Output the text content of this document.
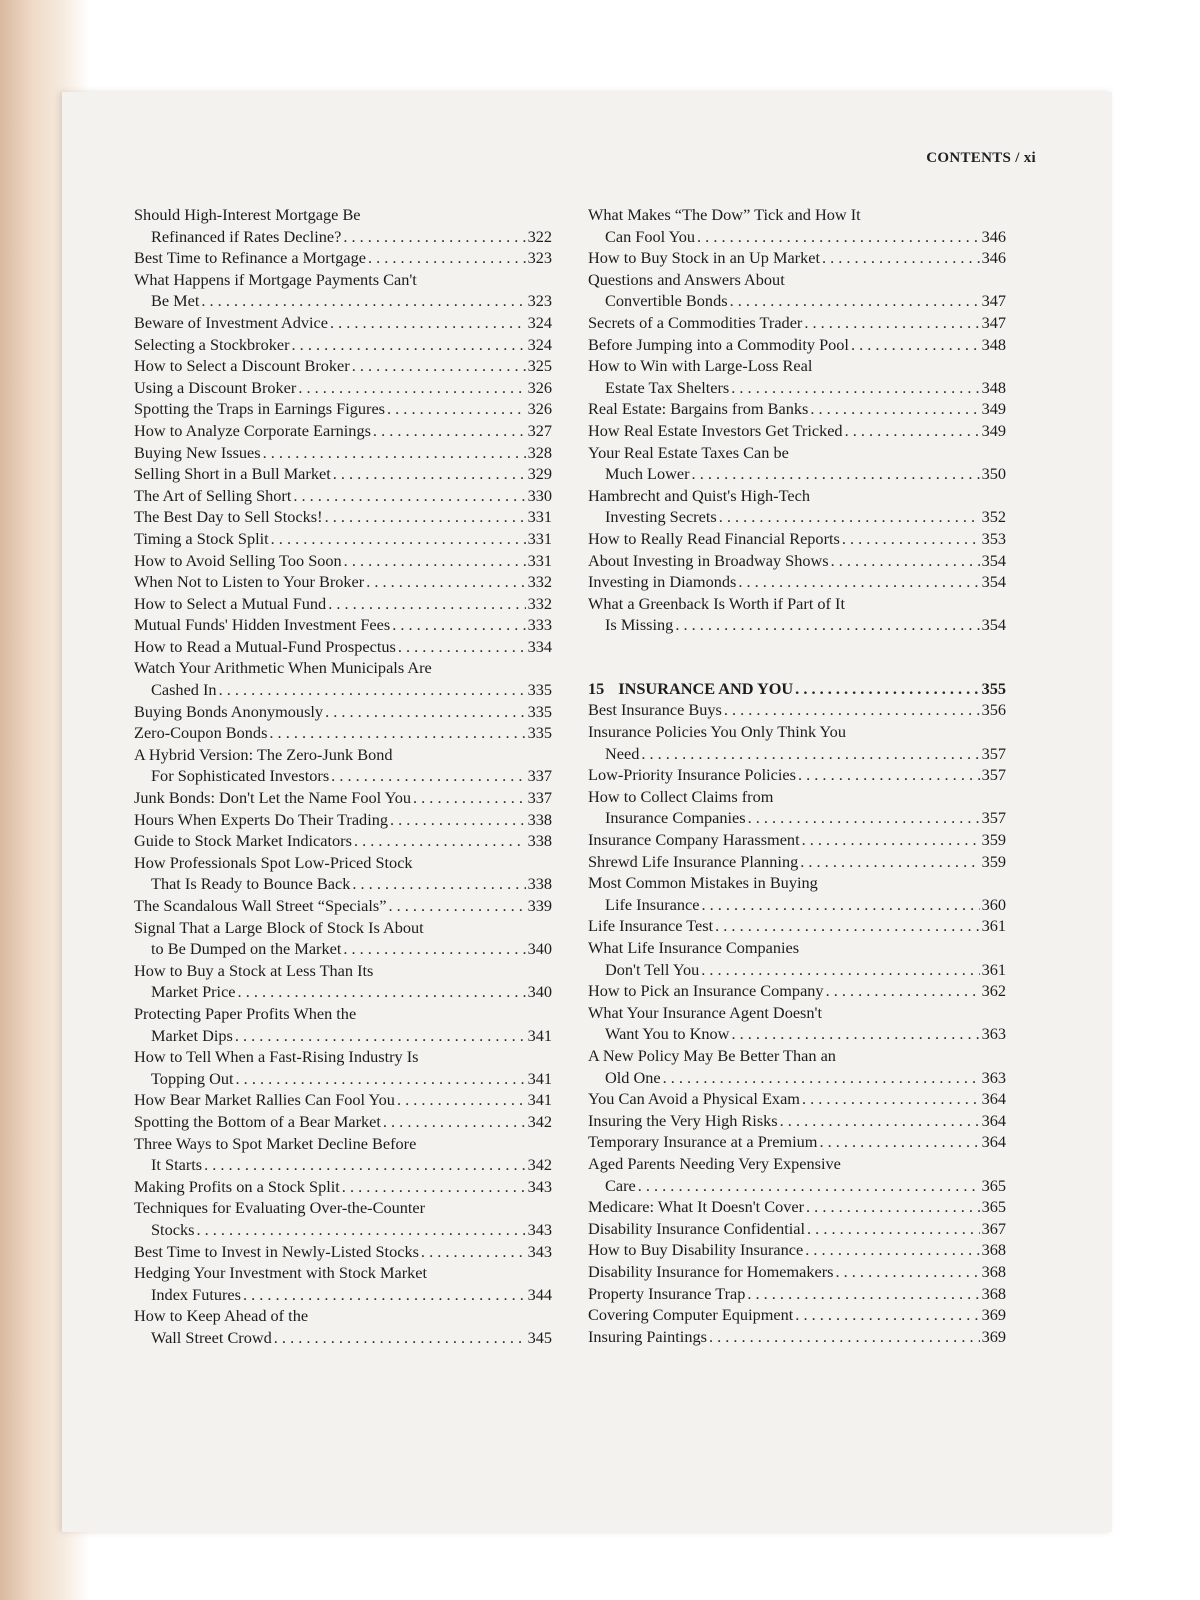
CONTENTS / xi
Should High-Interest Mortgage Be
Refinanced if Rates Decline? . . .	322
Best Time to Refinance a Mortgage . . .	323
What Happens if Mortgage Payments Can't
Be Met . . .	323
Beware of Investment Advice . . .	324
Selecting a Stockbroker . . .	324
How to Select a Discount Broker . . .	325
Using a Discount Broker . . .	326
Spotting the Traps in Earnings Figures . . .	326
How to Analyze Corporate Earnings . . .	327
Buying New Issues . . .	328
Selling Short in a Bull Market . . .	329
The Art of Selling Short . . .	330
The Best Day to Sell Stocks! . . .	331
Timing a Stock Split . . .	331
How to Avoid Selling Too Soon . . .	331
When Not to Listen to Your Broker . . .	332
How to Select a Mutual Fund . . .	332
Mutual Funds' Hidden Investment Fees . . .	333
How to Read a Mutual-Fund Prospectus . . .	334
Watch Your Arithmetic When Municipals Are
Cashed In . . .	335
Buying Bonds Anonymously . . .	335
Zero-Coupon Bonds . . .	335
A Hybrid Version: The Zero-Junk Bond
For Sophisticated Investors . . .	337
Junk Bonds: Don't Let the Name Fool You . . .	337
Hours When Experts Do Their Trading . . .	338
Guide to Stock Market Indicators . . .	338
How Professionals Spot Low-Priced Stock
That Is Ready to Bounce Back . . .	338
The Scandalous Wall Street “Specials” . . .	339
Signal That a Large Block of Stock Is About
to Be Dumped on the Market . . .	340
How to Buy a Stock at Less Than Its
Market Price . . .	340
Protecting Paper Profits When the
Market Dips . . .	341
How to Tell When a Fast-Rising Industry Is
Topping Out . . .	341
How Bear Market Rallies Can Fool You . . .	341
Spotting the Bottom of a Bear Market . . .	342
Three Ways to Spot Market Decline Before
It Starts . . .	342
Making Profits on a Stock Split . . .	343
Techniques for Evaluating Over-the-Counter
Stocks . . .	343
Best Time to Invest in Newly-Listed Stocks . . .	343
Hedging Your Investment with Stock Market
Index Futures . . .	344
How to Keep Ahead of the
Wall Street Crowd . . .	345
What Makes “The Dow” Tick and How It
Can Fool You . . .	346
How to Buy Stock in an Up Market . . .	346
Questions and Answers About
Convertible Bonds . . .	347
Secrets of a Commodities Trader . . .	347
Before Jumping into a Commodity Pool . . .	348
How to Win with Large-Loss Real
Estate Tax Shelters . . .	348
Real Estate: Bargains from Banks . . .	349
How Real Estate Investors Get Tricked . . .	349
Your Real Estate Taxes Can be
Much Lower . . .	350
Hambrecht and Quist's High-Tech
Investing Secrets . . .	352
How to Really Read Financial Reports . . .	353
About Investing in Broadway Shows . . .	354
Investing in Diamonds . . .	354
What a Greenback Is Worth if Part of It
Is Missing . . .	354
15 INSURANCE AND YOU . . .	355
Best Insurance Buys . . .	356
Insurance Policies You Only Think You
Need . . .	357
Low-Priority Insurance Policies . . .	357
How to Collect Claims from
Insurance Companies . . .	357
Insurance Company Harassment . . .	359
Shrewd Life Insurance Planning . . .	359
Most Common Mistakes in Buying
Life Insurance . . .	360
Life Insurance Test . . .	361
What Life Insurance Companies
Don't Tell You . . .	361
How to Pick an Insurance Company . . .	362
What Your Insurance Agent Doesn't
Want You to Know . . .	363
A New Policy May Be Better Than an
Old One . . .	363
You Can Avoid a Physical Exam . . .	364
Insuring the Very High Risks . . .	364
Temporary Insurance at a Premium . . .	364
Aged Parents Needing Very Expensive
Care . . .	365
Medicare: What It Doesn't Cover . . .	365
Disability Insurance Confidential . . .	367
How to Buy Disability Insurance . . .	368
Disability Insurance for Homemakers . . .	368
Property Insurance Trap . . .	368
Covering Computer Equipment . . .	369
Insuring Paintings . . .	369
